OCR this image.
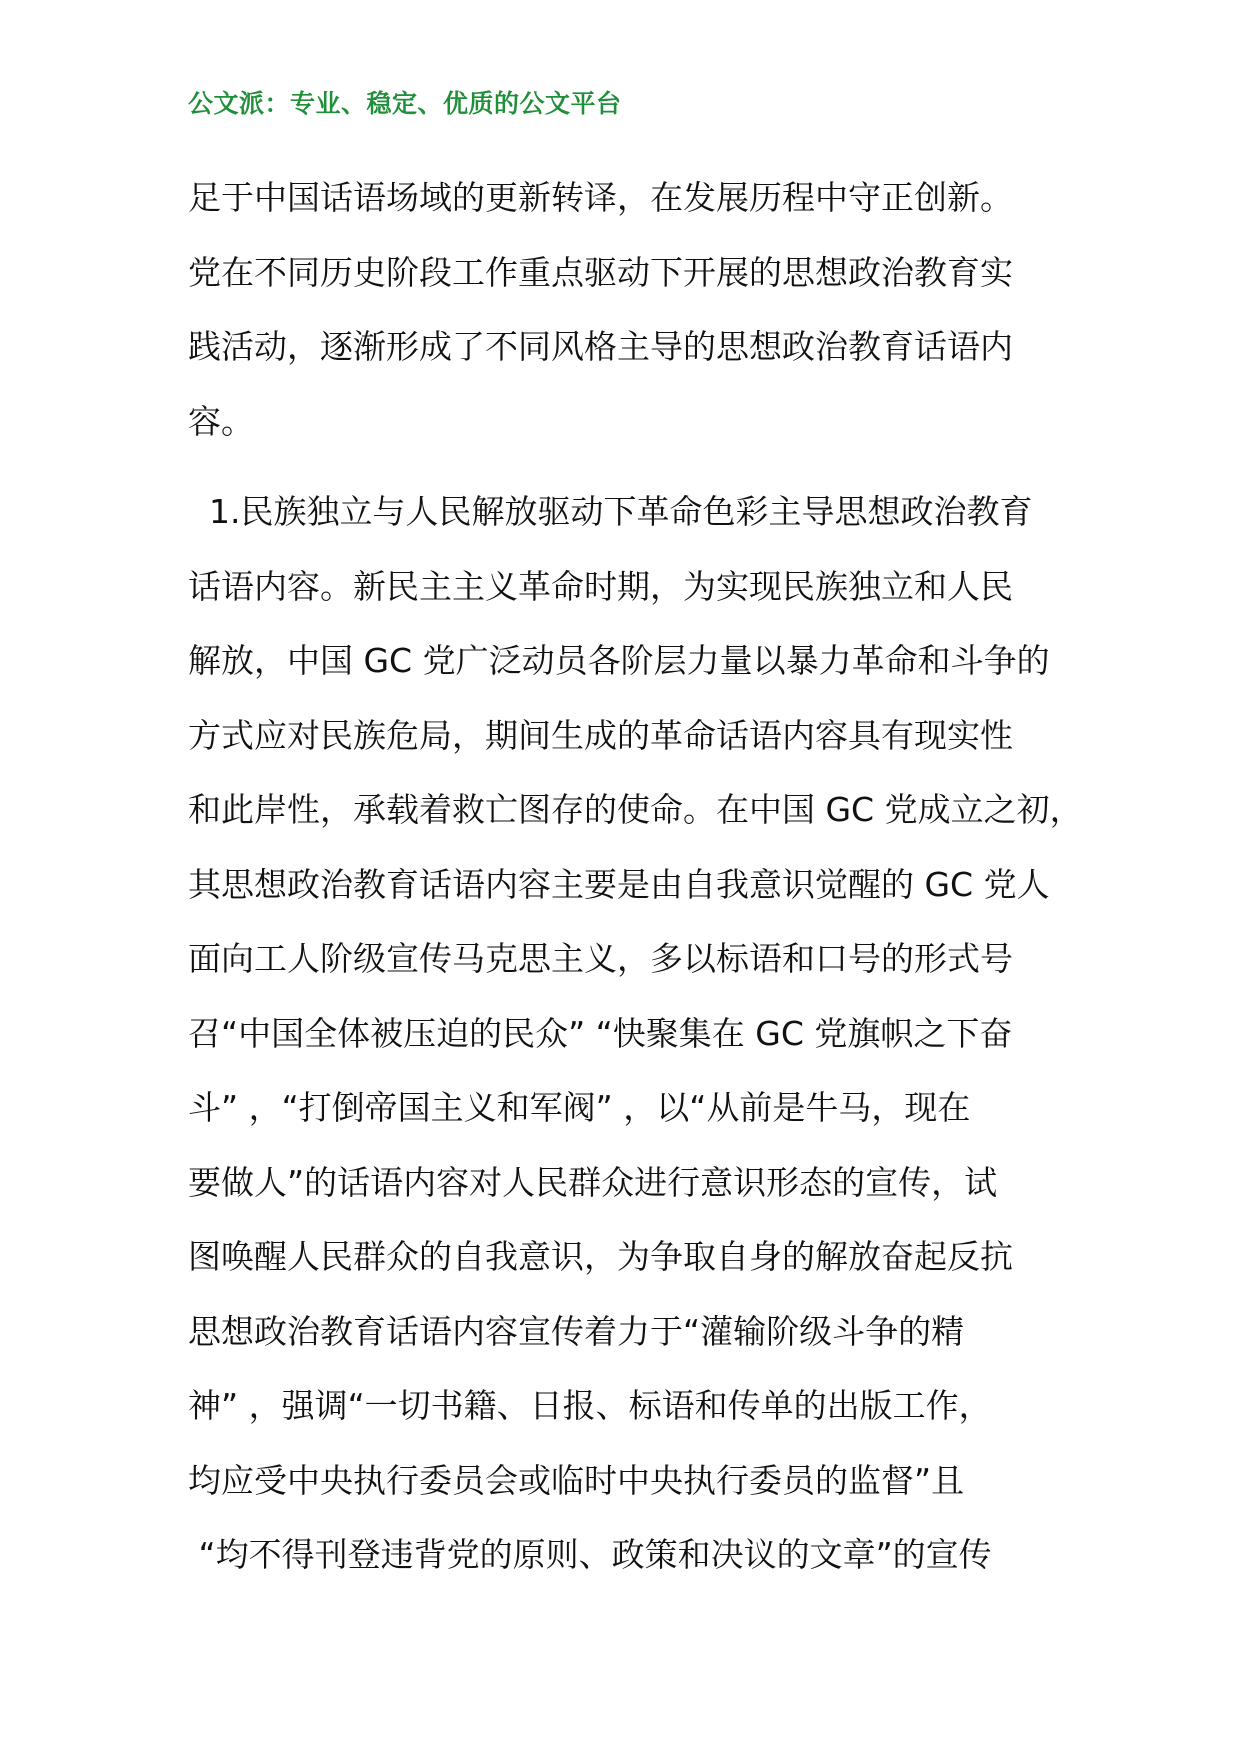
公文派：专业、稳定、优质的公文平台
足于中国话语场域的更新转译，在发展历程中守正创新。
党在不同历史阶段工作重点驱动下开展的思想政治教育实
践活动，逐渐形成了不同风格主导的思想政治教育话语内
容。
1.民族独立与人民解放驱动下革命色彩主导思想政治教育
话语内容。新民主主义革命时期，为实现民族独立和人民
解放，中国 GC 党广泛动员各阶层力量以暴力革命和斗争的
方式应对民族危局，期间生成的革命话语内容具有现实性
和此岸性，承载着救亡图存的使命。在中国 GC 党成立之初，
其思想政治教育话语内容主要是由自我意识觉醒的 GC 党人
面向工人阶级宣传马克思主义，多以标语和口号的形式号
召“中国全体被压迫的民众” “快聚集在 GC 党旗帜之下奋
斗” ，“打倒帝国主义和军阀” ，以“从前是牛马，现在
要做人”的话语内容对人民群众进行意识形态的宣传，试
图唤醒人民群众的自我意识，为争取自身的解放奋起反抗
思想政治教育话语内容宣传着力于“灌输阶级斗争的精
神” ，强调“一切书籍、日报、标语和传单的出版工作，
均应受中央执行委员会或临时中央执行委员的监督”且
“均不得刊登违背党的原则、政策和决议的文章”的宣传
